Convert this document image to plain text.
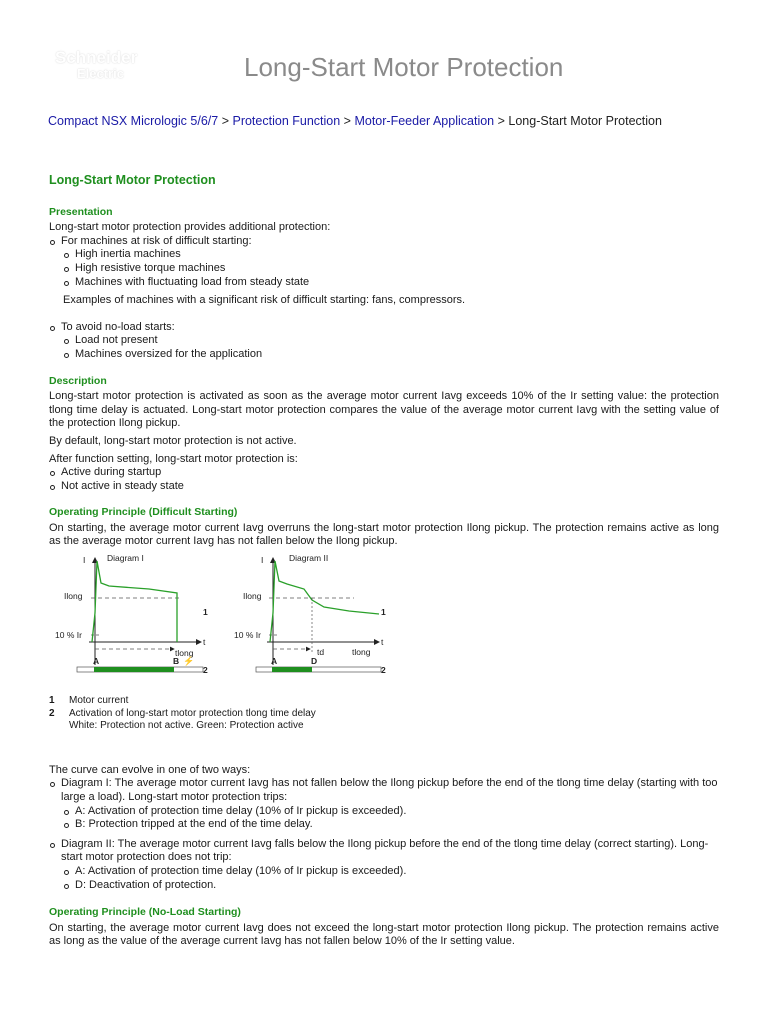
Schneider
Electric	Long-Start Motor Protection
Compact NSX Micrologic 5/6/7 > Protection Function > Motor-Feeder Application > Long-Start Motor Protection
Long-Start Motor Protection
Presentation

Long-start motor protection provides additional protection:

For machines at risk of difficult starting:
High inertia machines
High resistive torque machines
Machines with fluctuating load from steady state

Examples of machines with a significant risk of difficult starting: fans, compressors.

To avoid no-load starts:
Load not present
Machines oversized for the application
Description

Long-start motor protection is activated as soon as the average motor current Iavg exceeds 10% of the Ir setting value: the protection tlong time delay is actuated. Long-start motor protection compares the value of the average motor current Iavg with the setting value of the protection Ilong pickup.

By default, long-start motor protection is not active.

After function setting, long-start motor protection is:

Active during startup
Not active in steady state
Operating Principle (Difficult Starting)

On starting, the average motor current Iavg overruns the long-start motor protection Ilong pickup. The protection remains active as long as the average motor current Iavg has not fallen below the Ilong pickup.

I	Diagram I
t
Ilong
10 % Ir
tlong
A	B ⚡
1
2
I	Diagram II
t
Ilong
10 % Ir
td	tlong
A	D
1
2
1 Motor current
2 Activation of long-start motor protection tlong time delay
White: Protection not active. Green: Protection active

The curve can evolve in one of two ways:

Diagram I: The average motor current Iavg has not fallen below the Ilong pickup before the end of the tlong time delay (starting with too large a load). Long-start motor protection trips:
A: Activation of protection time delay (10% of Ir pickup is exceeded).
B: Protection tripped at the end of the time delay.
Diagram II: The average motor current Iavg falls below the Ilong pickup before the end of the tlong time delay (correct starting). Long-start motor protection does not trip:
A: Activation of protection time delay (10% of Ir pickup is exceeded).
D: Deactivation of protection.
Operating Principle (No-Load Starting)

On starting, the average motor current Iavg does not exceed the long-start motor protection Ilong pickup. The protection remains active as long as the value of the average current Iavg has not fallen below 10% of the Ir setting value.
